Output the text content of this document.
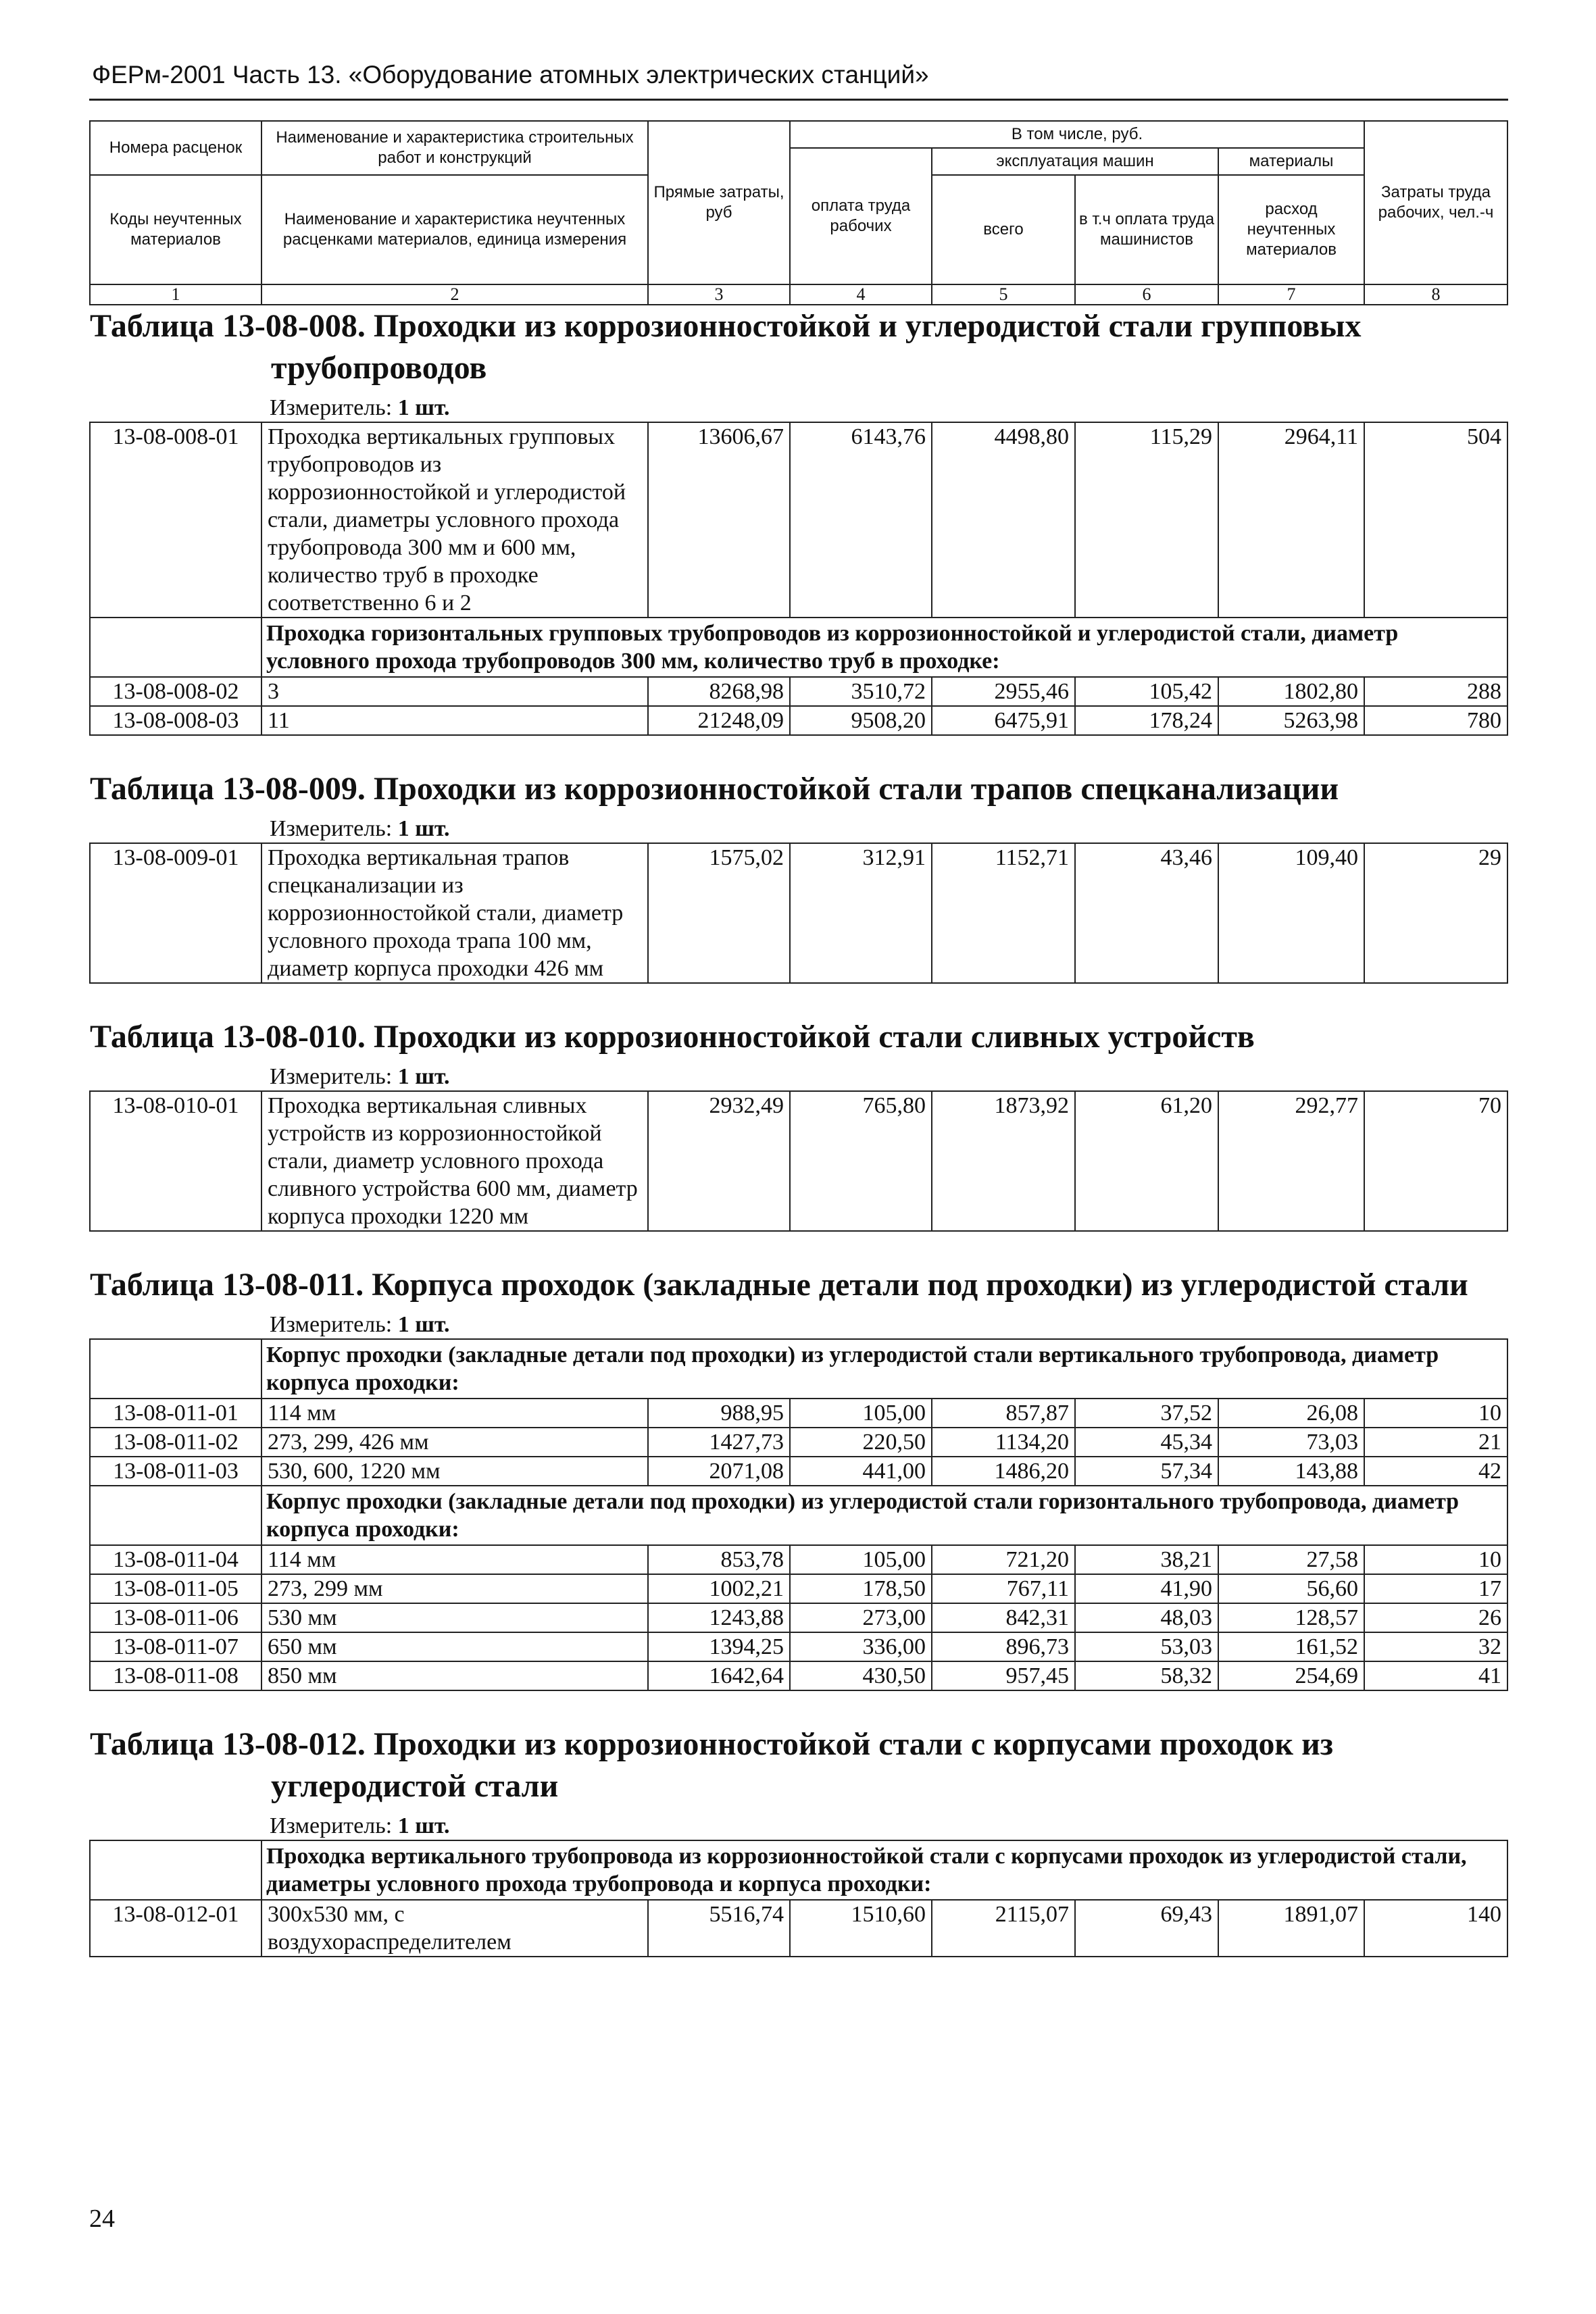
ФЕРм-2001 Часть 13. «Оборудование атомных электрических станций»
Номера расценок	Наименование и характеристика строительных работ и конструкций	Прямые затраты, руб	В том числе, руб.				Затраты труда рабочих, чел.-ч
			оплата труда рабочих	эксплуатация машин		материалы	
Коды неучтенных материалов	Наименование и характеристика неучтенных расценками материалов, единица измерения			всего	в т.ч оплата труда машинистов	расход неучтенных материалов	

1	2	3	4	5	6	7	8

Таблица 13-08-008. Проходки из коррозионностойкой и углеродистой стали групповых трубопроводов
Измеритель: 1 шт.							

13-08-008-01	Проходка вертикальных групповых трубопроводов из коррозионностойкой и углеродистой стали, диаметры условного прохода трубопровода 300 мм и 600 мм, количество труб в проходке соответственно 6 и 2	13606,67	6143,76	4498,80	115,29	2964,11	504
	Проходка горизонтальных групповых трубопроводов из коррозионностойкой и углеродистой стали, диаметр условного прохода трубопроводов 300 мм, количество труб в проходке:						
13-08-008-02	3	8268,98	3510,72	2955,46	105,42	1802,80	288
13-08-008-03	11	21248,09	9508,20	6475,91	178,24	5263,98	780

Таблица 13-08-009. Проходки из коррозионностойкой стали трапов спецканализации
Измеритель: 1 шт.							

13-08-009-01	Проходка вертикальная трапов спецканализации из коррозионностойкой стали, диаметр условного прохода трапа 100 мм, диаметр корпуса проходки 426 мм	1575,02	312,91	1152,71	43,46	109,40	29

Таблица 13-08-010. Проходки из коррозионностойкой стали сливных устройств
Измеритель: 1 шт.							

13-08-010-01	Проходка вертикальная сливных устройств из коррозионностойкой стали, диаметр условного прохода сливного устройства 600 мм, диаметр корпуса проходки 1220 мм	2932,49	765,80	1873,92	61,20	292,77	70

Таблица 13-08-011. Корпуса проходок (закладные детали под проходки) из углеродистой стали
Измеритель: 1 шт.							

	Корпус проходки (закладные детали под проходки) из углеродистой стали вертикального трубопровода, диаметр корпуса проходки:						
13-08-011-01	114 мм	988,95	105,00	857,87	37,52	26,08	10
13-08-011-02	273, 299, 426 мм	1427,73	220,50	1134,20	45,34	73,03	21
13-08-011-03	530, 600, 1220 мм	2071,08	441,00	1486,20	57,34	143,88	42
	Корпус проходки (закладные детали под проходки) из углеродистой стали горизонтального трубопровода, диаметр корпуса проходки:						
13-08-011-04	114 мм	853,78	105,00	721,20	38,21	27,58	10
13-08-011-05	273, 299 мм	1002,21	178,50	767,11	41,90	56,60	17
13-08-011-06	530 мм	1243,88	273,00	842,31	48,03	128,57	26
13-08-011-07	650 мм	1394,25	336,00	896,73	53,03	161,52	32
13-08-011-08	850 мм	1642,64	430,50	957,45	58,32	254,69	41

Таблица 13-08-012. Проходки из коррозионностойкой стали с корпусами проходок из углеродистой стали
Измеритель: 1 шт.							

	Проходка вертикального трубопровода из коррозионностойкой стали с корпусами проходок из углеродистой стали, диаметры условного прохода трубопровода и корпуса проходки:						
13-08-012-01	300х530 мм, с воздухораспределителем	5516,74	1510,60	2115,07	69,43	1891,07	140
24
